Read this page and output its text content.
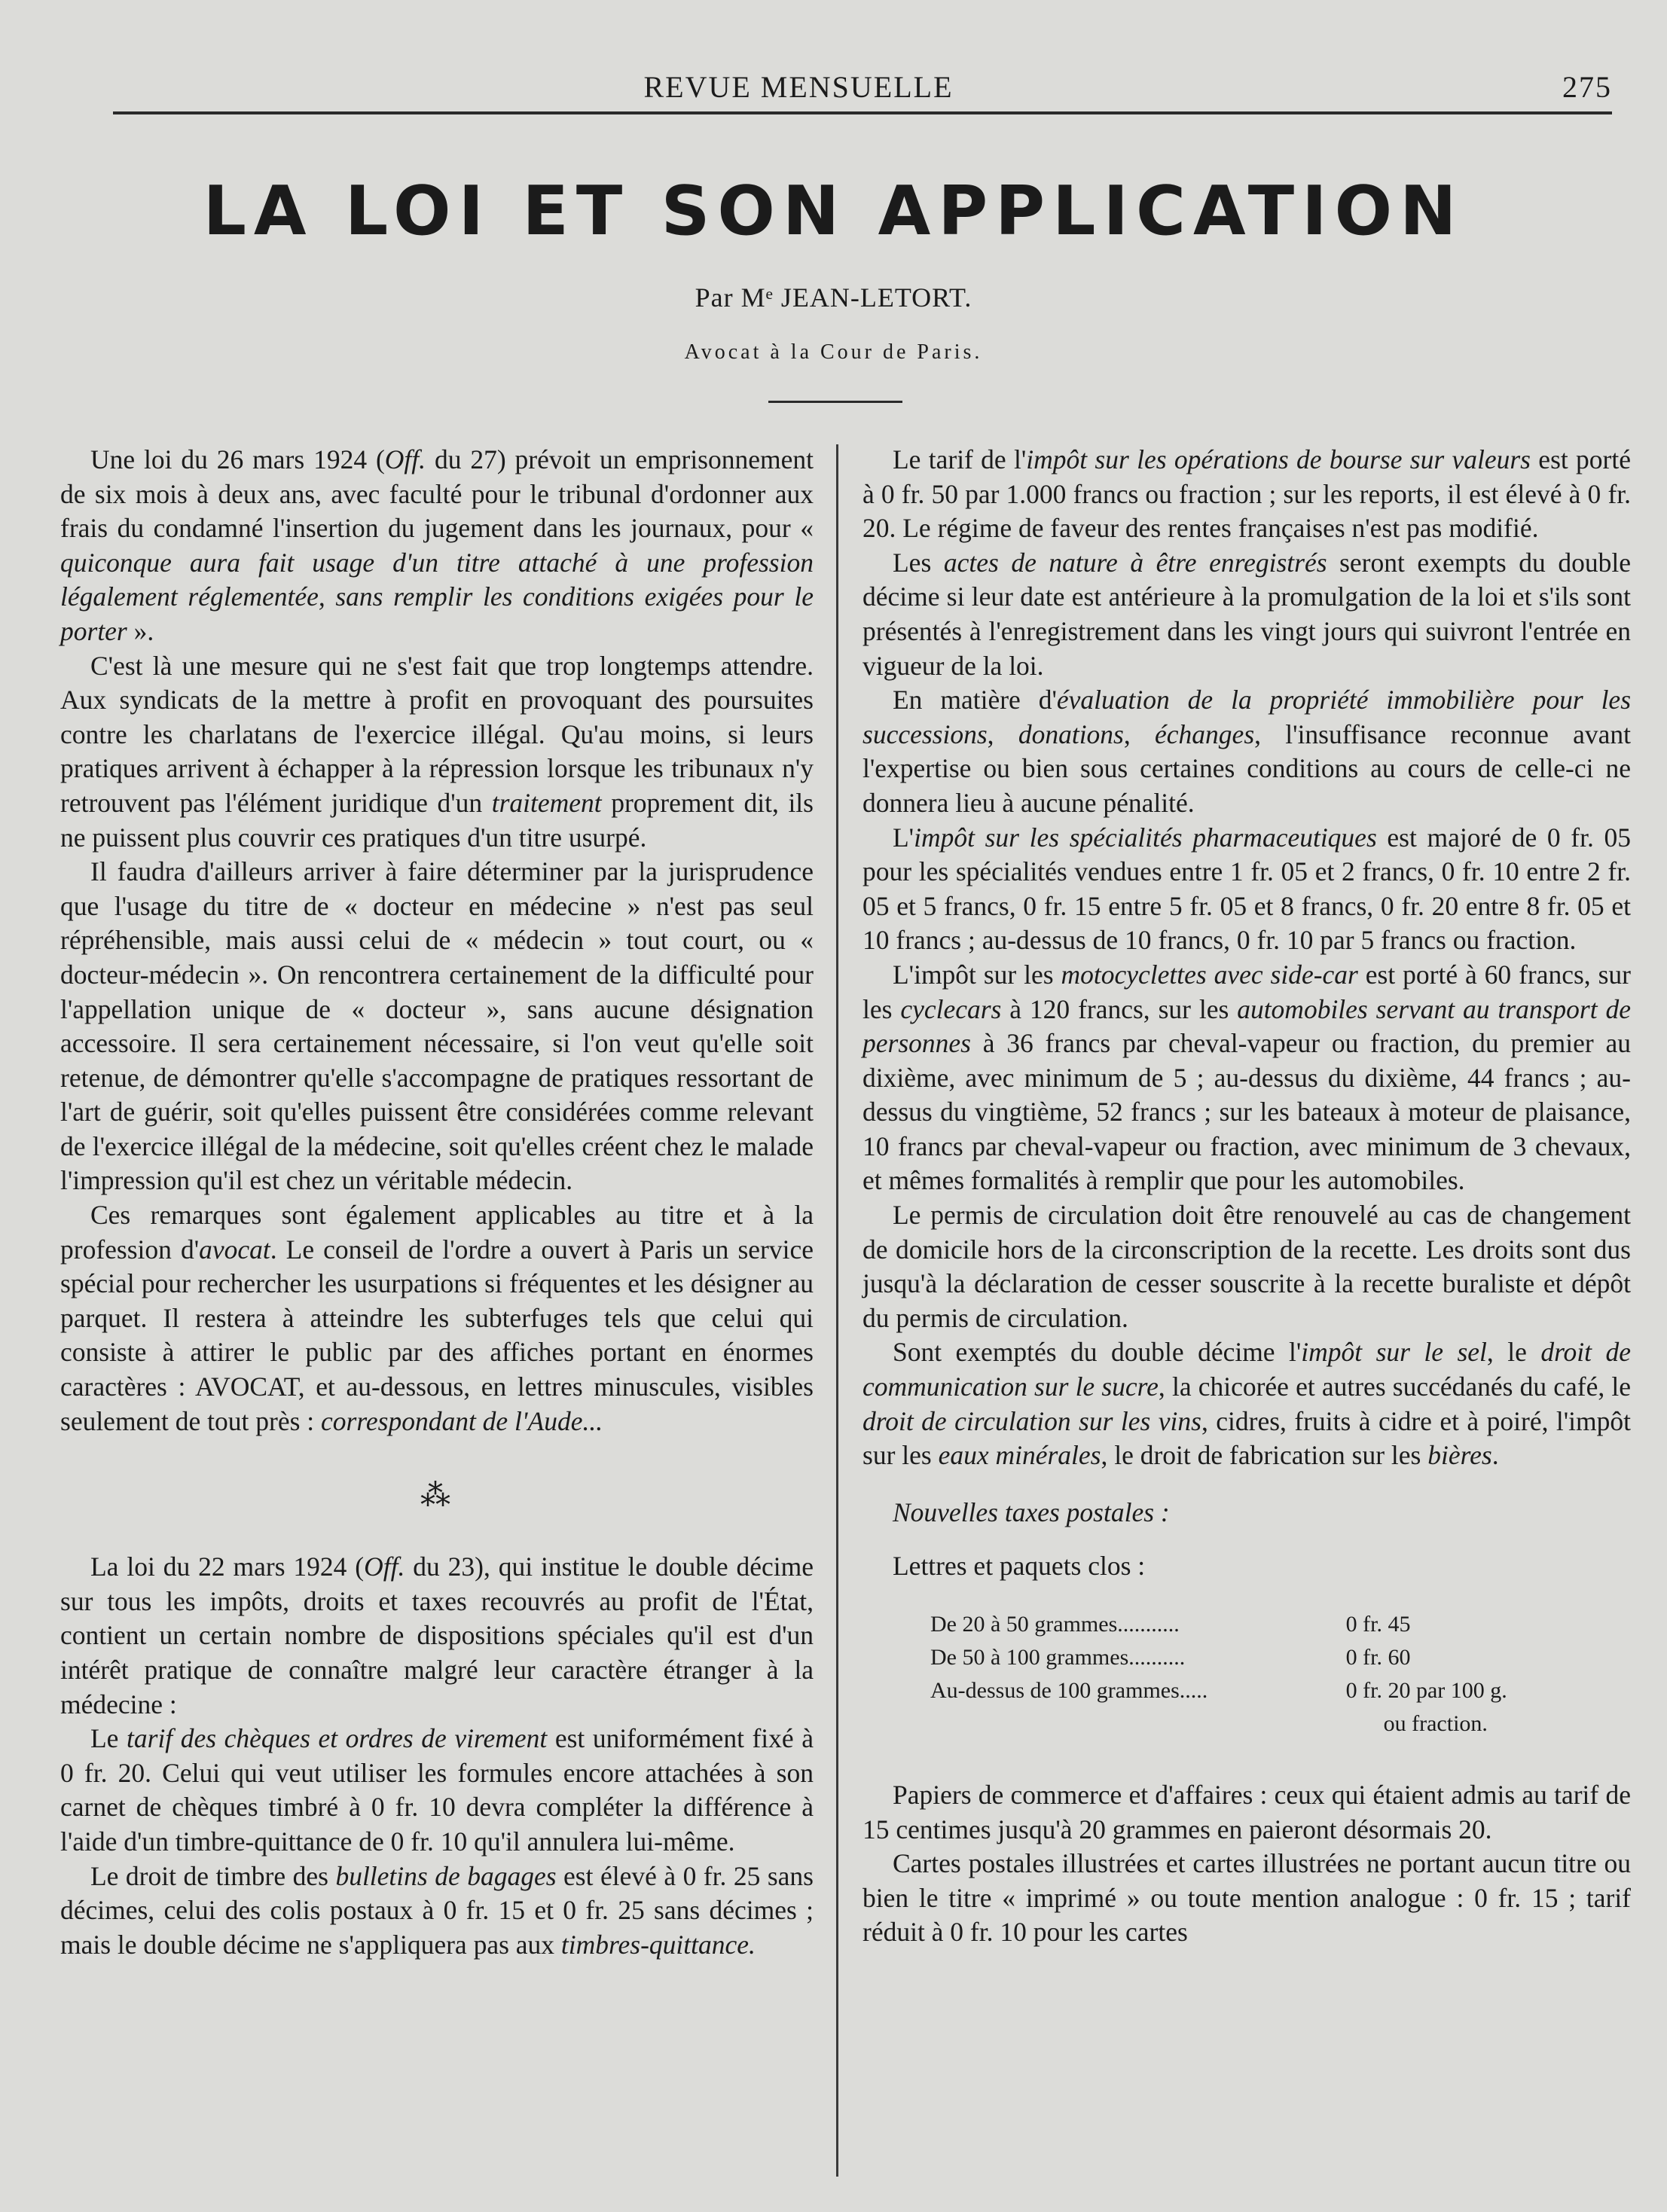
REVUE MENSUELLE	275
LA LOI ET SON APPLICATION
Par Mᵉ JEAN-LETORT.
Avocat à la Cour de Paris.

Une loi du 26 mars 1924 (Off. du 27) prévoit un emprisonnement de six mois à deux ans, avec faculté pour le tribunal d'ordonner aux frais du condamné l'insertion du jugement dans les journaux, pour « quiconque aura fait usage d'un titre attaché à une profession légalement réglementée, sans remplir les conditions exigées pour le porter ».

C'est là une mesure qui ne s'est fait que trop longtemps attendre. Aux syndicats de la mettre à profit en provoquant des poursuites contre les charlatans de l'exercice illégal. Qu'au moins, si leurs pratiques arrivent à échapper à la répression lorsque les tribunaux n'y retrouvent pas l'élément juridique d'un traitement proprement dit, ils ne puissent plus couvrir ces pratiques d'un titre usurpé.

Il faudra d'ailleurs arriver à faire déterminer par la jurisprudence que l'usage du titre de « docteur en médecine » n'est pas seul répréhensible, mais aussi celui de « médecin » tout court, ou « docteur-médecin ». On rencontrera certainement de la difficulté pour l'appellation unique de « docteur », sans aucune désignation accessoire. Il sera certainement nécessaire, si l'on veut qu'elle soit retenue, de démontrer qu'elle s'accompagne de pratiques ressortant de l'art de guérir, soit qu'elles puissent être considérées comme relevant de l'exercice illégal de la médecine, soit qu'elles créent chez le malade l'impression qu'il est chez un véritable médecin.

Ces remarques sont également applicables au titre et à la profession d'avocat. Le conseil de l'ordre a ouvert à Paris un service spécial pour rechercher les usurpations si fréquentes et les désigner au parquet. Il restera à atteindre les subterfuges tels que celui qui consiste à attirer le public par des affiches portant en énormes caractères : AVOCAT, et au-dessous, en lettres minuscules, visibles seulement de tout près : correspondant de l'Aude...

⁂

La loi du 22 mars 1924 (Off. du 23), qui institue le double décime sur tous les impôts, droits et taxes recouvrés au profit de l'État, contient un certain nombre de dispositions spéciales qu'il est d'un intérêt pratique de connaître malgré leur caractère étranger à la médecine :

Le tarif des chèques et ordres de virement est uniformément fixé à 0 fr. 20. Celui qui veut utiliser les formules encore attachées à son carnet de chèques timbré à 0 fr. 10 devra compléter la différence à l'aide d'un timbre-quittance de 0 fr. 10 qu'il annulera lui-même.

Le droit de timbre des bulletins de bagages est élevé à 0 fr. 25 sans décimes, celui des colis postaux à 0 fr. 15 et 0 fr. 25 sans décimes ; mais le double décime ne s'appliquera pas aux timbres-quittance.

Le tarif de l'impôt sur les opérations de bourse sur valeurs est porté à 0 fr. 50 par 1.000 francs ou fraction ; sur les reports, il est élevé à 0 fr. 20. Le régime de faveur des rentes françaises n'est pas modifié.

Les actes de nature à être enregistrés seront exempts du double décime si leur date est antérieure à la promulgation de la loi et s'ils sont présentés à l'enregistrement dans les vingt jours qui suivront l'entrée en vigueur de la loi.

En matière d'évaluation de la propriété immobilière pour les successions, donations, échanges, l'insuffisance reconnue avant l'expertise ou bien sous certaines conditions au cours de celle-ci ne donnera lieu à aucune pénalité.

L'impôt sur les spécialités pharmaceutiques est majoré de 0 fr. 05 pour les spécialités vendues entre 1 fr. 05 et 2 francs, 0 fr. 10 entre 2 fr. 05 et 5 francs, 0 fr. 15 entre 5 fr. 05 et 8 francs, 0 fr. 20 entre 8 fr. 05 et 10 francs ; au-dessus de 10 francs, 0 fr. 10 par 5 francs ou fraction.

L'impôt sur les motocyclettes avec side-car est porté à 60 francs, sur les cyclecars à 120 francs, sur les automobiles servant au transport de personnes à 36 francs par cheval-vapeur ou fraction, du premier au dixième, avec minimum de 5 ; au-dessus du dixième, 44 francs ; au-dessus du vingtième, 52 francs ; sur les bateaux à moteur de plaisance, 10 francs par cheval-vapeur ou fraction, avec minimum de 3 chevaux, et mêmes formalités à remplir que pour les automobiles.

Le permis de circulation doit être renouvelé au cas de changement de domicile hors de la circonscription de la recette. Les droits sont dus jusqu'à la déclaration de cesser souscrite à la recette buraliste et dépôt du permis de circulation.

Sont exemptés du double décime l'impôt sur le sel, le droit de communication sur le sucre, la chicorée et autres succédanés du café, le droit de circulation sur les vins, cidres, fruits à cidre et à poiré, l'impôt sur les eaux minérales, le droit de fabrication sur les bières.

Nouvelles taxes postales :

Lettres et paquets clos :

De 20 à 50 grammes...........	0 fr. 45
De 50 à 100 grammes..........	0 fr. 60
Au-dessus de 100 grammes.....	0 fr. 20 par 100 g.
	ou fraction.

Papiers de commerce et d'affaires : ceux qui étaient admis au tarif de 15 centimes jusqu'à 20 grammes en paieront désormais 20.

Cartes postales illustrées et cartes illustrées ne portant aucun titre ou bien le titre « imprimé » ou toute mention analogue : 0 fr. 15 ; tarif réduit à 0 fr. 10 pour les cartes
